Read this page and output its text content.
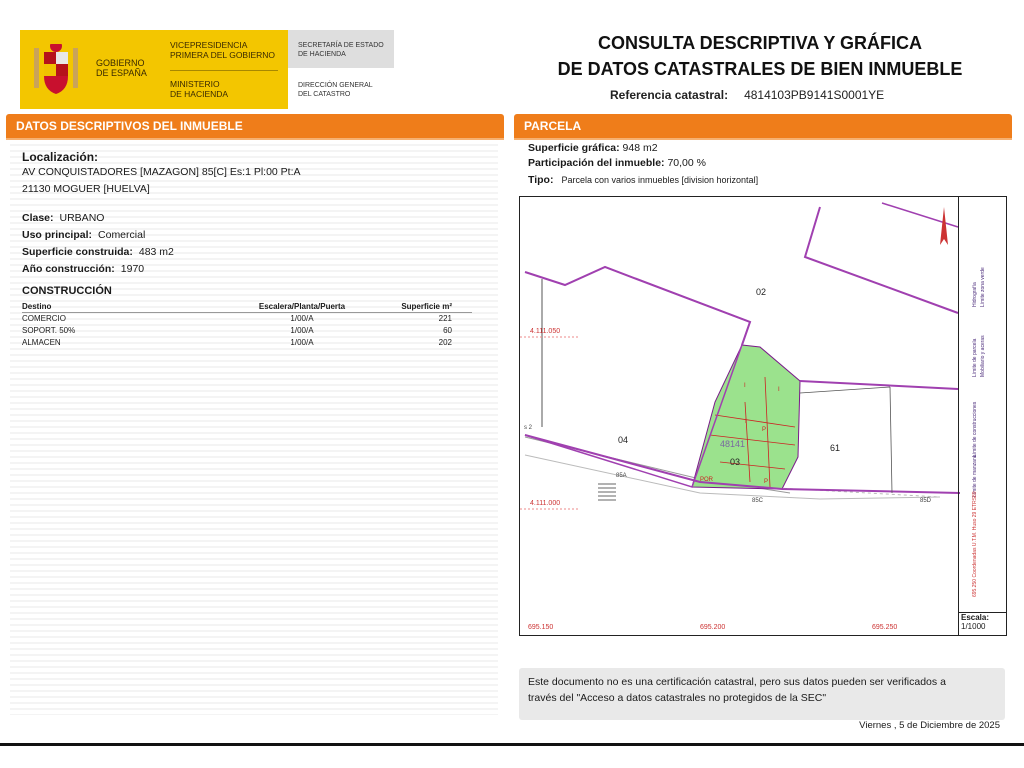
GOBIERNO
DE ESPAÑA
VICEPRESIDENCIA
PRIMERA DEL GOBIERNO
MINISTERIO
DE HACIENDA
SECRETARÍA DE ESTADO
DE HACIENDA
DIRECCIÓN GENERAL
DEL CATASTRO
CONSULTA DESCRIPTIVA Y GRÁFICA
DE DATOS CATASTRALES DE BIEN INMUEBLE
Referencia catastral: 4814103PB9141S0001YE
DATOS DESCRIPTIVOS DEL INMUEBLE	PARCELA
Localización:
AV CONQUISTADORES [MAZAGON] 85[C] Es:1 Pl:00 Pt:A
21130 MOGUER [HUELVA]
Clase: URBANO
Uso principal: Comercial
Superficie construida: 483 m2
Año construcción: 1970
CONSTRUCCIÓN
Destino	Escalera/Planta/Puerta	Superficie m²
COMERCIO	1/00/A	221
SOPORT. 50%	1/00/A	60
ALMACEN	1/00/A	202
Superficie gráfica: 948 m2
Participación del inmueble: 70,00 %
Tipo: Parcela con varios inmuebles [division horizontal]
02
04
03
61
48141
I
I
I
P
P
POR
85A
85C	85D
s 2
4.111.050
4.111.000
695.150	695.200	695.250
Límite de manzana
Límite de construcciones
Límite de parcela Mobiliario y aceras
Hidrografía Límite zona verde
695.250 Coordenadas U.T.M. Huso 29 ETRS89
Escala:
1/1000
Este documento no es una certificación catastral, pero sus datos pueden ser verificados a
través del "Acceso a datos catastrales no protegidos de la SEC"
Viernes , 5 de Diciembre de 2025
